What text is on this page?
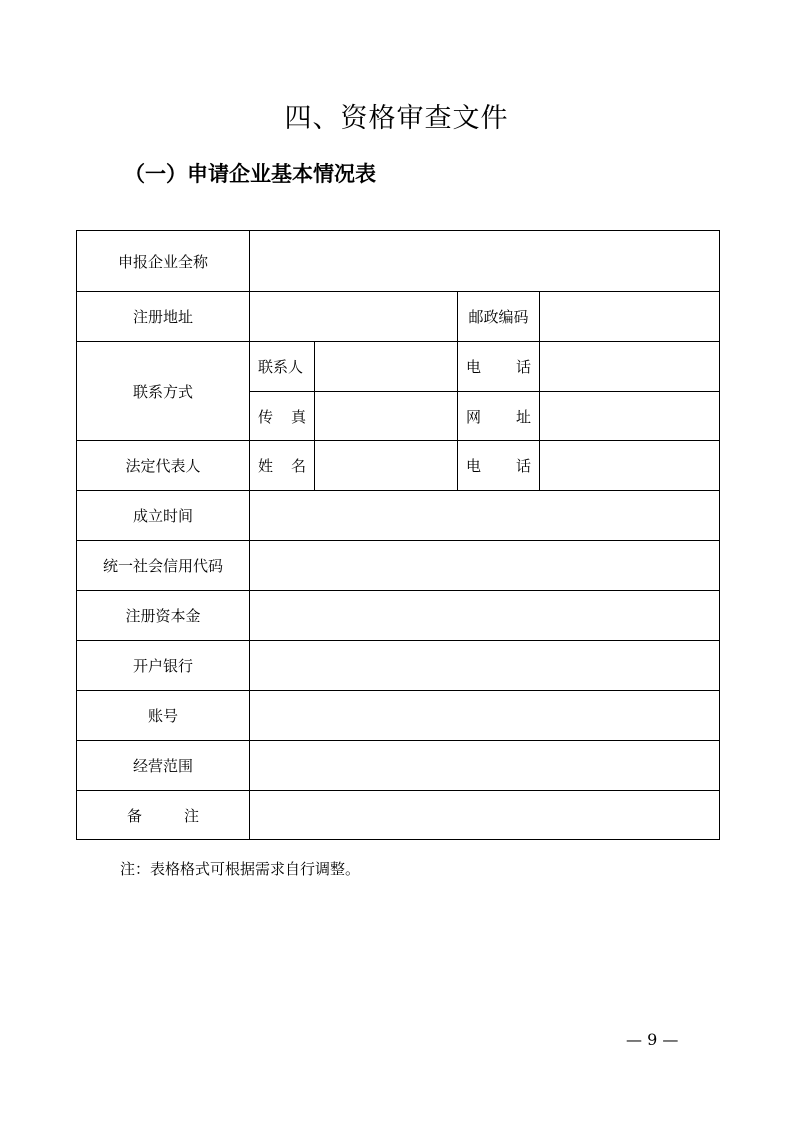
四、资格审查文件
（一）申请企业基本情况表
申报企业全称				
注册地址			邮政编码	
联系方式	联系人		电 话	

	传 真		网 址	

法定代表人	姓 名		电 话	

成立时间				
统一社会信用代码				
注册资本金				
开户银行				
账号				
经营范围				

备 注				

注：表格格式可根据需求自行调整。
— 9 —
